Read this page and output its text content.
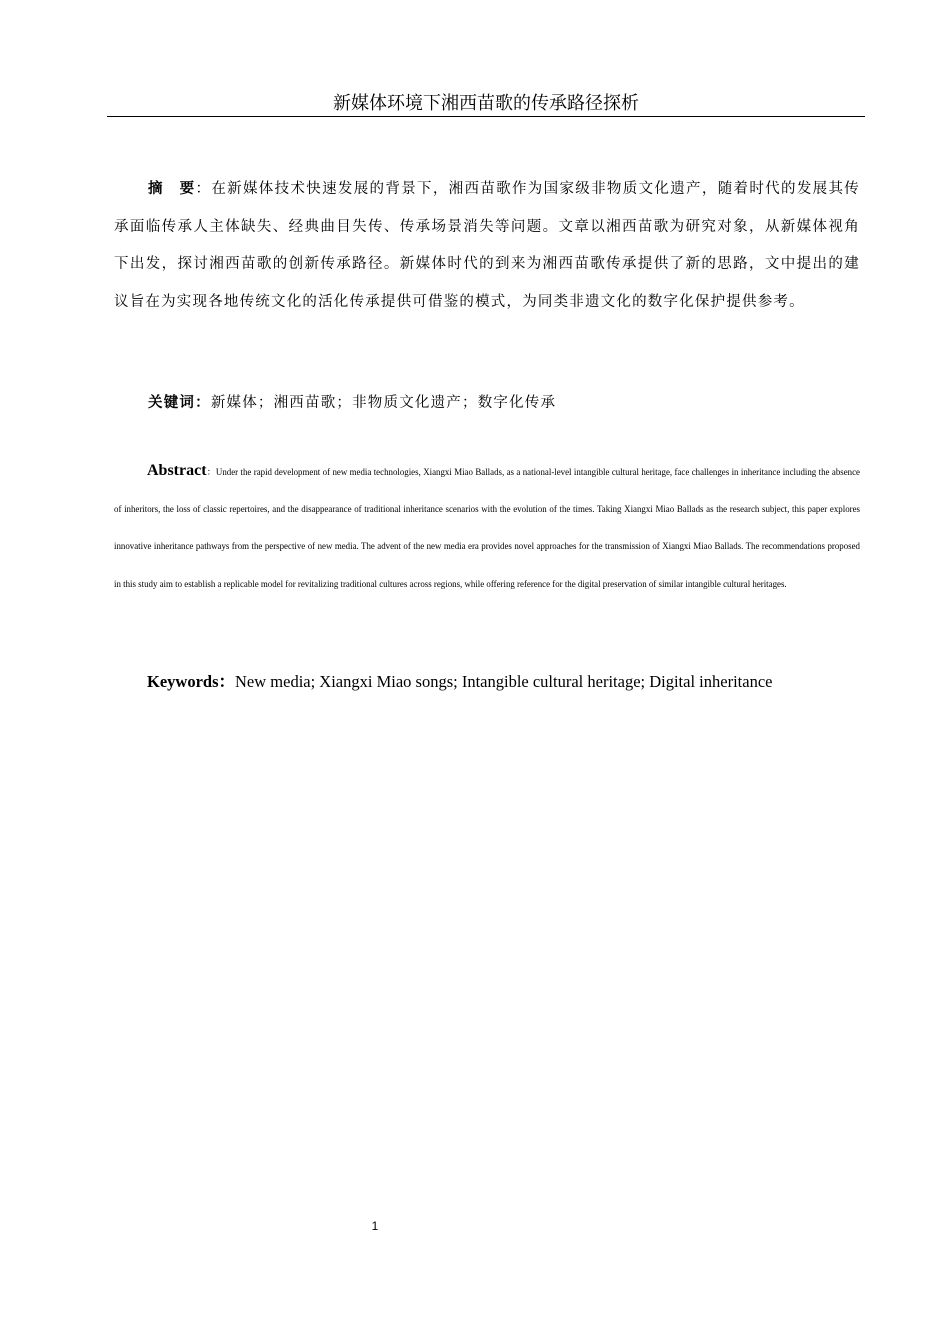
新媒体环境下湘西苗歌的传承路径探析
摘　要：在新媒体技术快速发展的背景下，湘西苗歌作为国家级非物质文化遗产，随着时代的发展其传承面临传承人主体缺失、经典曲目失传、传承场景消失等问题。文章以湘西苗歌为研究对象，从新媒体视角下出发，探讨湘西苗歌的创新传承路径。新媒体时代的到来为湘西苗歌传承提供了新的思路，文中提出的建议旨在为实现各地传统文化的活化传承提供可借鉴的模式，为同类非遗文化的数字化保护提供参考。
关键词：新媒体；湘西苗歌；非物质文化遗产；数字化传承
Abstract：Under the rapid development of new media technologies, Xiangxi Miao Ballads, as a national-level intangible cultural heritage, face challenges in inheritance including the absence of inheritors, the loss of classic repertoires, and the disappearance of traditional inheritance scenarios with the evolution of the times. Taking Xiangxi Miao Ballads as the research subject, this paper explores innovative inheritance pathways from the perspective of new media. The advent of the new media era provides novel approaches for the transmission of Xiangxi Miao Ballads. The recommendations proposed in this study aim to establish a replicable model for revitalizing traditional cultures across regions, while offering reference for the digital preservation of similar intangible cultural heritages.
Keywords：New media; Xiangxi Miao songs; Intangible cultural heritage; Digital inheritance
1
